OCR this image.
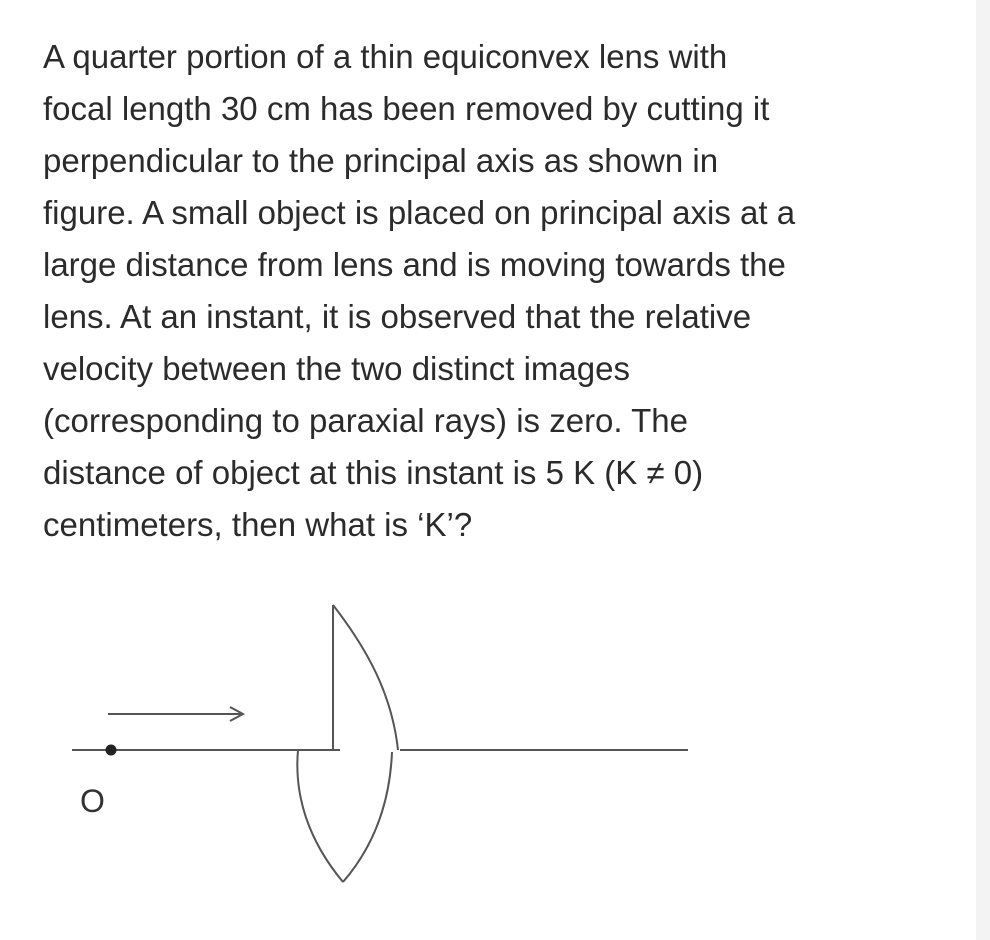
A quarter portion of a thin equiconvex lens with
focal length 30 cm has been removed by cutting it
perpendicular to the principal axis as shown in
figure. A small object is placed on principal axis at a
large distance from lens and is moving towards the
lens. At an instant, it is observed that the relative
velocity between the two distinct images
(corresponding to paraxial rays) is zero. The
distance of object at this instant is 5 K (K ≠ 0)
centimeters, then what is ‘K’?
O
